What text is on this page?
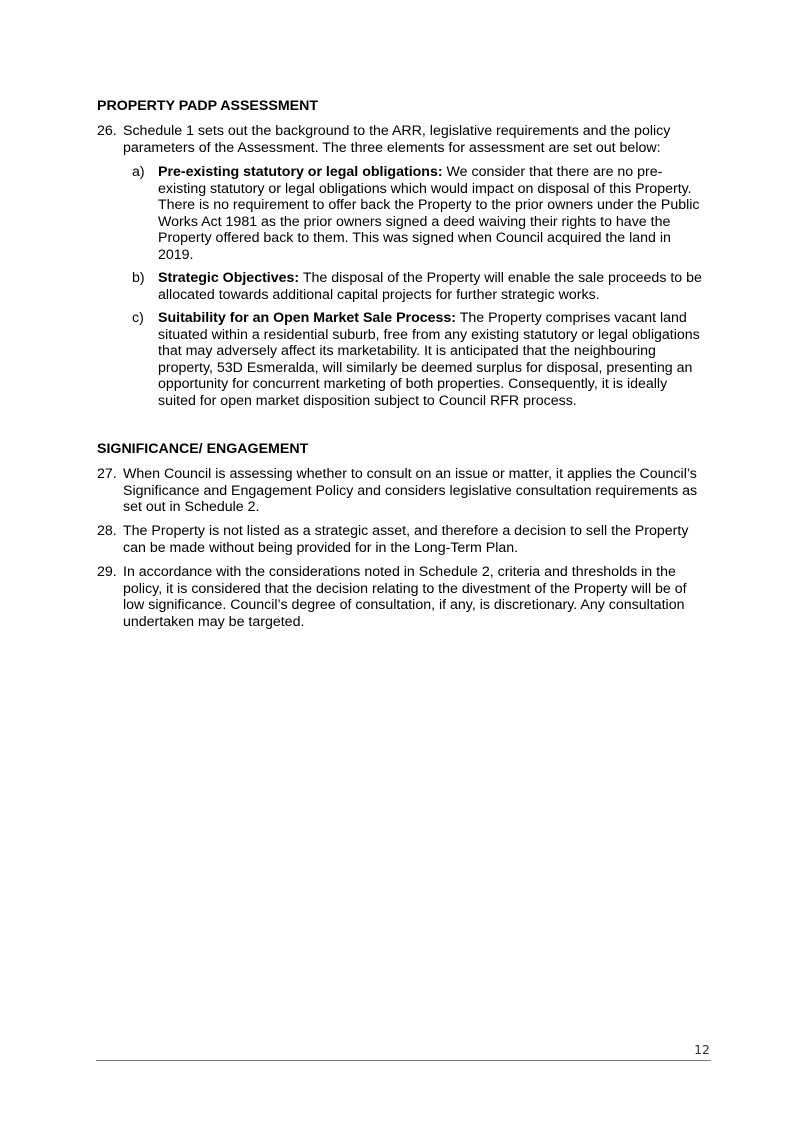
PROPERTY PADP ASSESSMENT
26. Schedule 1 sets out the background to the ARR, legislative requirements and the policy parameters of the Assessment. The three elements for assessment are set out below:
a) Pre-existing statutory or legal obligations: We consider that there are no pre-existing statutory or legal obligations which would impact on disposal of this Property. There is no requirement to offer back the Property to the prior owners under the Public Works Act 1981 as the prior owners signed a deed waiving their rights to have the Property offered back to them. This was signed when Council acquired the land in 2019.
b) Strategic Objectives: The disposal of the Property will enable the sale proceeds to be allocated towards additional capital projects for further strategic works.
c) Suitability for an Open Market Sale Process: The Property comprises vacant land situated within a residential suburb, free from any existing statutory or legal obligations that may adversely affect its marketability. It is anticipated that the neighbouring property, 53D Esmeralda, will similarly be deemed surplus for disposal, presenting an opportunity for concurrent marketing of both properties. Consequently, it is ideally suited for open market disposition subject to Council RFR process.
SIGNIFICANCE/ ENGAGEMENT
27. When Council is assessing whether to consult on an issue or matter, it applies the Council’s Significance and Engagement Policy and considers legislative consultation requirements as set out in Schedule 2.
28. The Property is not listed as a strategic asset, and therefore a decision to sell the Property can be made without being provided for in the Long-Term Plan.
29. In accordance with the considerations noted in Schedule 2, criteria and thresholds in the policy, it is considered that the decision relating to the divestment of the Property will be of low significance. Council’s degree of consultation, if any, is discretionary. Any consultation undertaken may be targeted.
12
